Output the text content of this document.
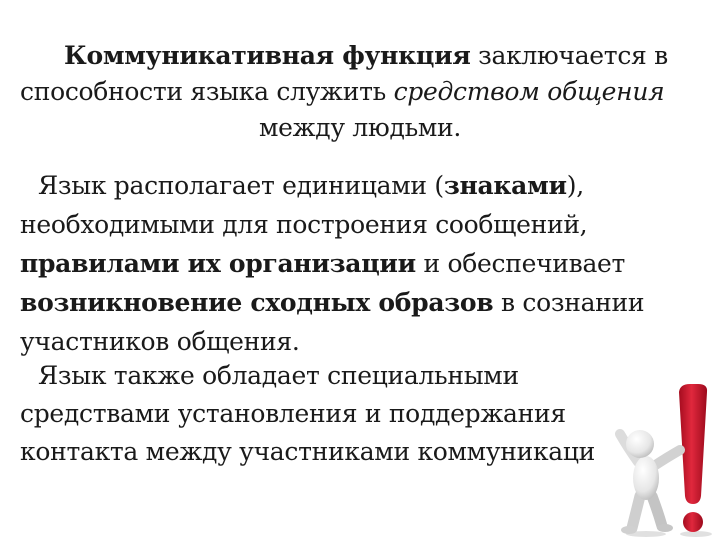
Коммуникативная функция заключается в
способности языка служить средством общения
между людьми.

Язык располагает единицами (знаками),
необходимыми для построения сообщений,
правилами их организации и обеспечивает
возникновение сходных образов в сознании
участников общения.

Язык также обладает специальными
средствами установления и поддержания
контакта между участниками коммуникаци
